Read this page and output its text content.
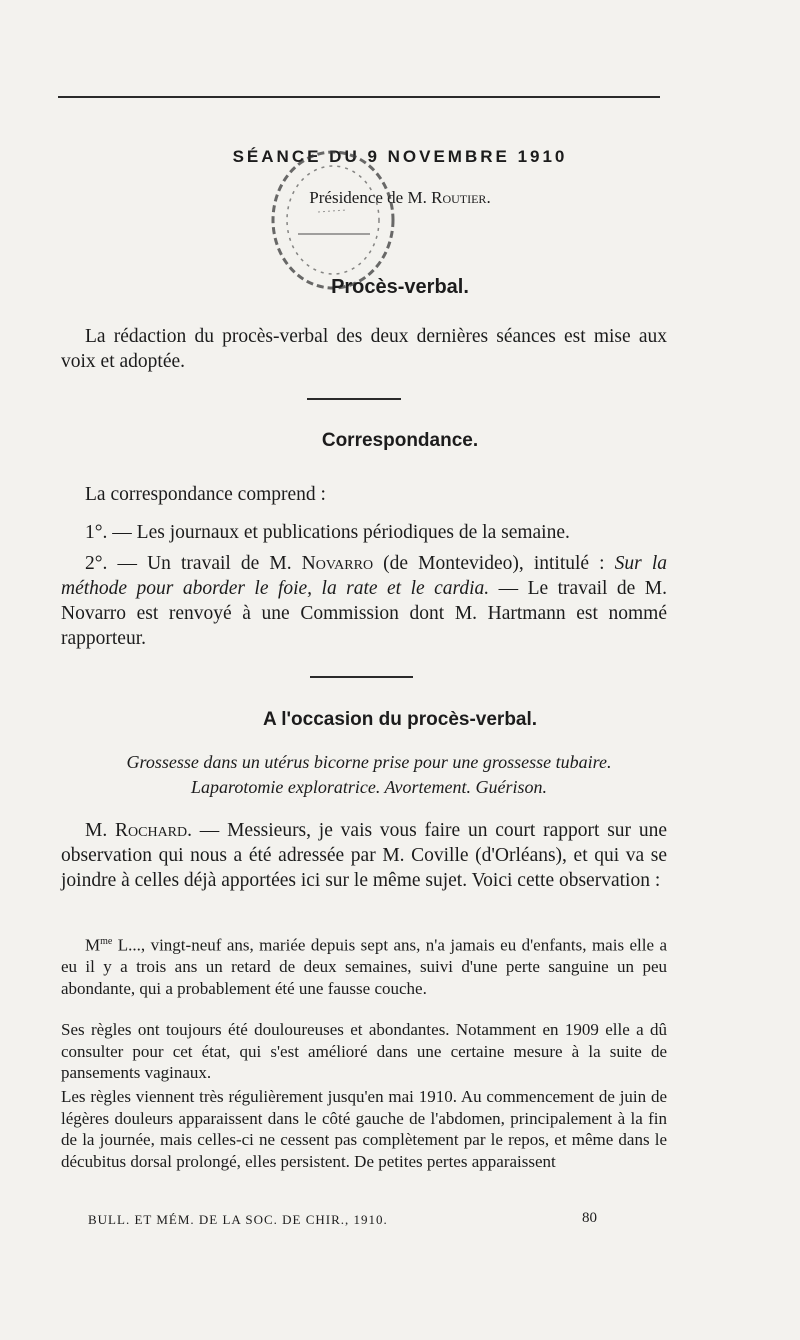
SÉANCE DU 9 NOVEMBRE 1910
Présidence de M. Routier.
Procès-verbal.
La rédaction du procès-verbal des deux dernières séances est mise aux voix et adoptée.
Correspondance.
La correspondance comprend :
1°. — Les journaux et publications périodiques de la semaine.
2°. — Un travail de M. Novarro (de Montevideo), intitulé : Sur la méthode pour aborder le foie, la rate et le cardia. — Le travail de M. Novarro est renvoyé à une Commission dont M. Hartmann est nommé rapporteur.
A l'occasion du procès-verbal.
Grossesse dans un utérus bicorne prise pour une grossesse tubaire.
Laparotomie exploratrice. Avortement. Guérison.
M. Rochard. — Messieurs, je vais vous faire un court rapport sur une observation qui nous a été adressée par M. Coville (d'Orléans), et qui va se joindre à celles déjà apportées ici sur le même sujet. Voici cette observation :
$M^{me}$ L..., vingt-neuf ans, mariée depuis sept ans, n'a jamais eu d'enfants, mais elle a eu il y a trois ans un retard de deux semaines, suivi d'une perte sanguine un peu abondante, qui a probablement été une fausse couche.
Ses règles ont toujours été douloureuses et abondantes. Notamment en 1909 elle a dû consulter pour cet état, qui s'est amélioré dans une certaine mesure à la suite de pansements vaginaux.
Les règles viennent très régulièrement jusqu'en mai 1910. Au commencement de juin de légères douleurs apparaissent dans le côté gauche de l'abdomen, principalement à la fin de la journée, mais celles-ci ne cessent pas complètement par le repos, et même dans le décubitus dorsal prolongé, elles persistent. De petites pertes apparaissent
BULL. ET MÉM. DE LA SOC. DE CHIR., 1910.	80
